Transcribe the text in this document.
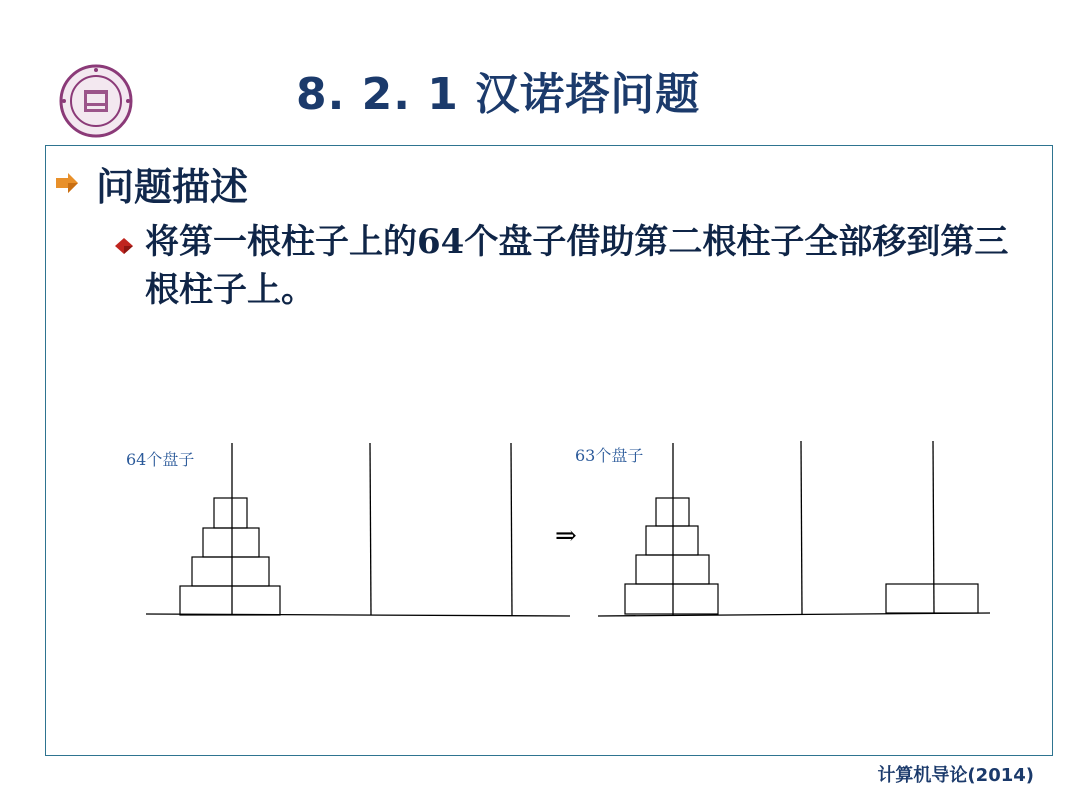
8. 2. 1 汉诺塔问题
问题描述
将第一根柱子上的64个盘子借助第二根柱子全部移到第三根柱子上。
64个盘子
⇒
63个盘子
计算机导论(2014)
